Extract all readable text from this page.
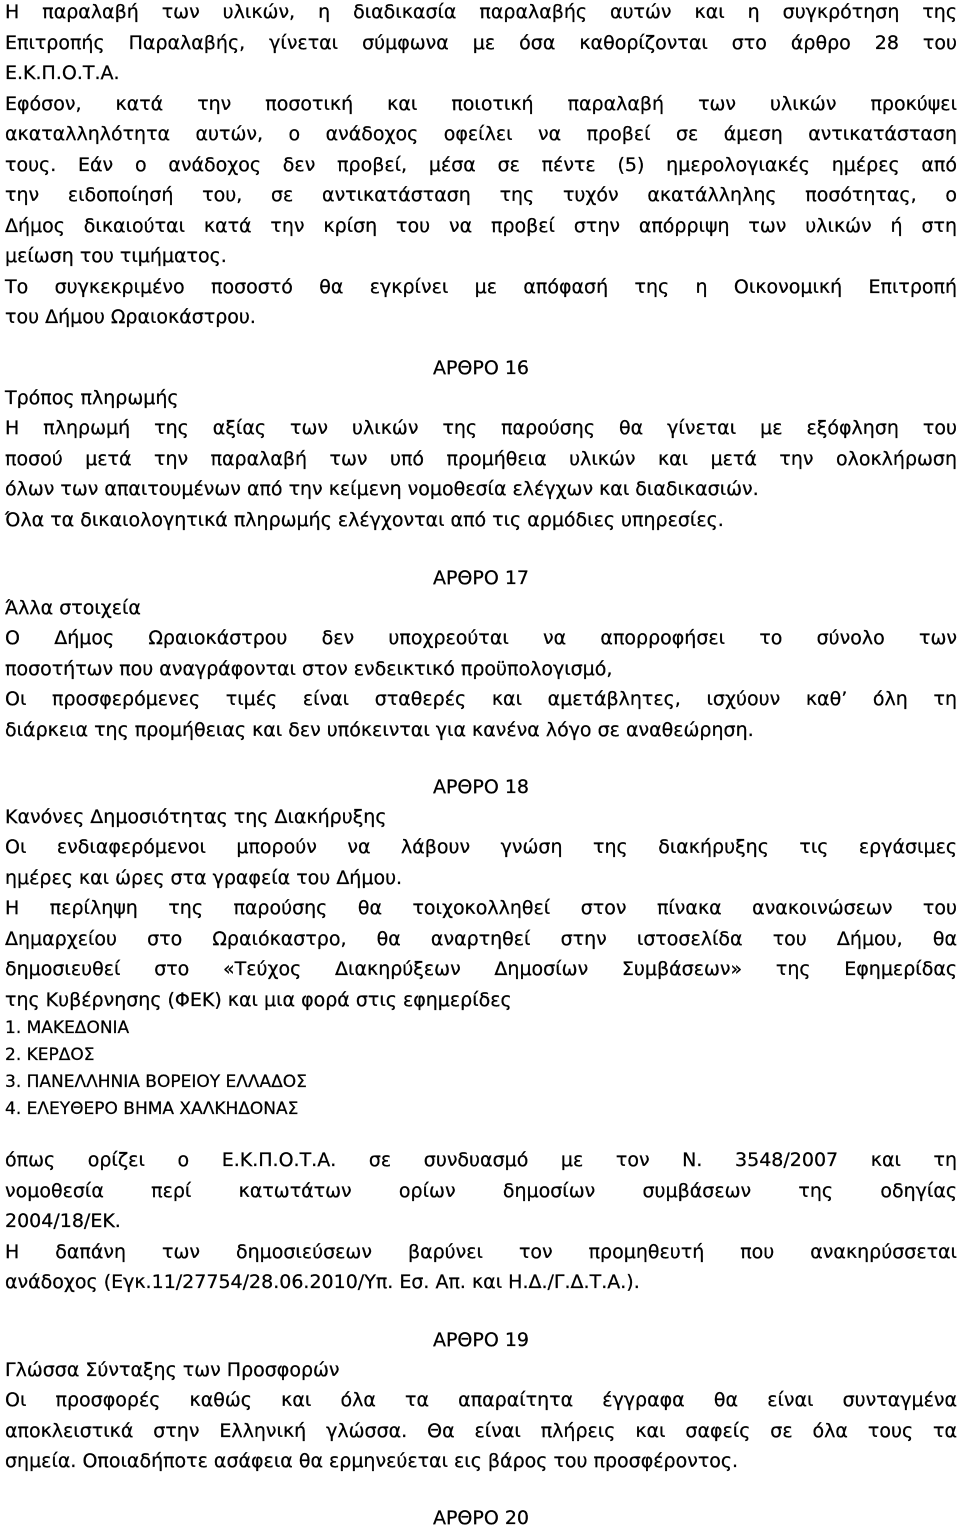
Η παραλαβή των υλικών, η διαδικασία παραλαβής αυτών και η συγκρότηση της
Επιτροπής Παραλαβής, γίνεται σύμφωνα με όσα καθορίζονται στο άρθρο 28 του
Ε.Κ.Π.Ο.Τ.Α.

Εφόσον, κατά την ποσοτική και ποιοτική παραλαβή των υλικών προκύψει
ακαταλληλότητα αυτών, ο ανάδοχος οφείλει να προβεί σε άμεση αντικατάσταση
τους. Εάν ο ανάδοχος δεν προβεί, μέσα σε πέντε (5) ημερολογιακές ημέρες από
την ειδοποίησή του, σε αντικατάσταση της τυχόν ακατάλληλης ποσότητας, ο
Δήμος δικαιούται κατά την κρίση του να προβεί στην απόρριψη των υλικών ή στη
μείωση του τιμήματος.

Το συγκεκριμένο ποσοστό θα εγκρίνει με απόφασή της η Οικονομική Επιτροπή
του Δήμου Ωραιοκάστρου.

ΑΡΘΡΟ 16

Τρόπος πληρωμής

Η πληρωμή της αξίας των υλικών της παρούσης θα γίνεται με εξόφληση του
ποσού μετά την παραλαβή των υπό προμήθεια υλικών και μετά την ολοκλήρωση
όλων των απαιτουμένων από την κείμενη νομοθεσία ελέγχων και διαδικασιών.

Όλα τα δικαιολογητικά πληρωμής ελέγχονται από τις αρμόδιες υπηρεσίες.

ΑΡΘΡΟ 17

Άλλα στοιχεία

Ο Δήμος Ωραιοκάστρου δεν υποχρεούται να απορροφήσει το σύνολο των
ποσοτήτων που αναγράφονται στον ενδεικτικό προϋπολογισμό,

Οι προσφερόμενες τιμές είναι σταθερές και αμετάβλητες, ισχύουν καθ’ όλη τη
διάρκεια της προμήθειας και δεν υπόκεινται για κανένα λόγο σε αναθεώρηση.

ΑΡΘΡΟ 18

Κανόνες Δημοσιότητας της Διακήρυξης

Οι ενδιαφερόμενοι μπορούν να λάβουν γνώση της διακήρυξης τις εργάσιμες
ημέρες και ώρες στα γραφεία του Δήμου.

Η περίληψη της παρούσης θα τοιχοκολληθεί στον πίνακα ανακοινώσεων του
Δημαρχείου στο Ωραιόκαστρο, θα αναρτηθεί στην ιστοσελίδα του Δήμου, θα
δημοσιευθεί στο «Τεύχος Διακηρύξεων Δημοσίων Συμβάσεων» της Εφημερίδας
της Κυβέρνησης (ΦΕΚ) και μια φορά στις εφημερίδες

1. ΜΑΚΕΔΟΝΙΑ

2. ΚΕΡΔΟΣ

3. ΠΑΝΕΛΛΗΝΙΑ ΒΟΡΕΙΟΥ ΕΛΛΑΔΟΣ

4. ΕΛΕΥΘΕΡΟ ΒΗΜΑ ΧΑΛΚΗΔΟΝΑΣ

όπως ορίζει ο Ε.Κ.Π.Ο.Τ.Α. σε συνδυασμό με τον Ν. 3548/2007 και τη
νομοθεσία περί κατωτάτων ορίων δημοσίων συμβάσεων της οδηγίας
2004/18/ΕΚ.

Η δαπάνη των δημοσιεύσεων βαρύνει τον προμηθευτή που ανακηρύσσεται
ανάδοχος (Εγκ.11/27754/28.06.2010/Υπ. Εσ. Απ. και Η.Δ./Γ.Δ.Τ.Α.).

ΑΡΘΡΟ 19

Γλώσσα Σύνταξης των Προσφορών

Οι προσφορές καθώς και όλα τα απαραίτητα έγγραφα θα είναι συνταγμένα
αποκλειστικά στην Ελληνική γλώσσα. Θα είναι πλήρεις και σαφείς σε όλα τους τα
σημεία. Οποιαδήποτε ασάφεια θα ερμηνεύεται εις βάρος του προσφέροντος.

ΑΡΘΡΟ 20
